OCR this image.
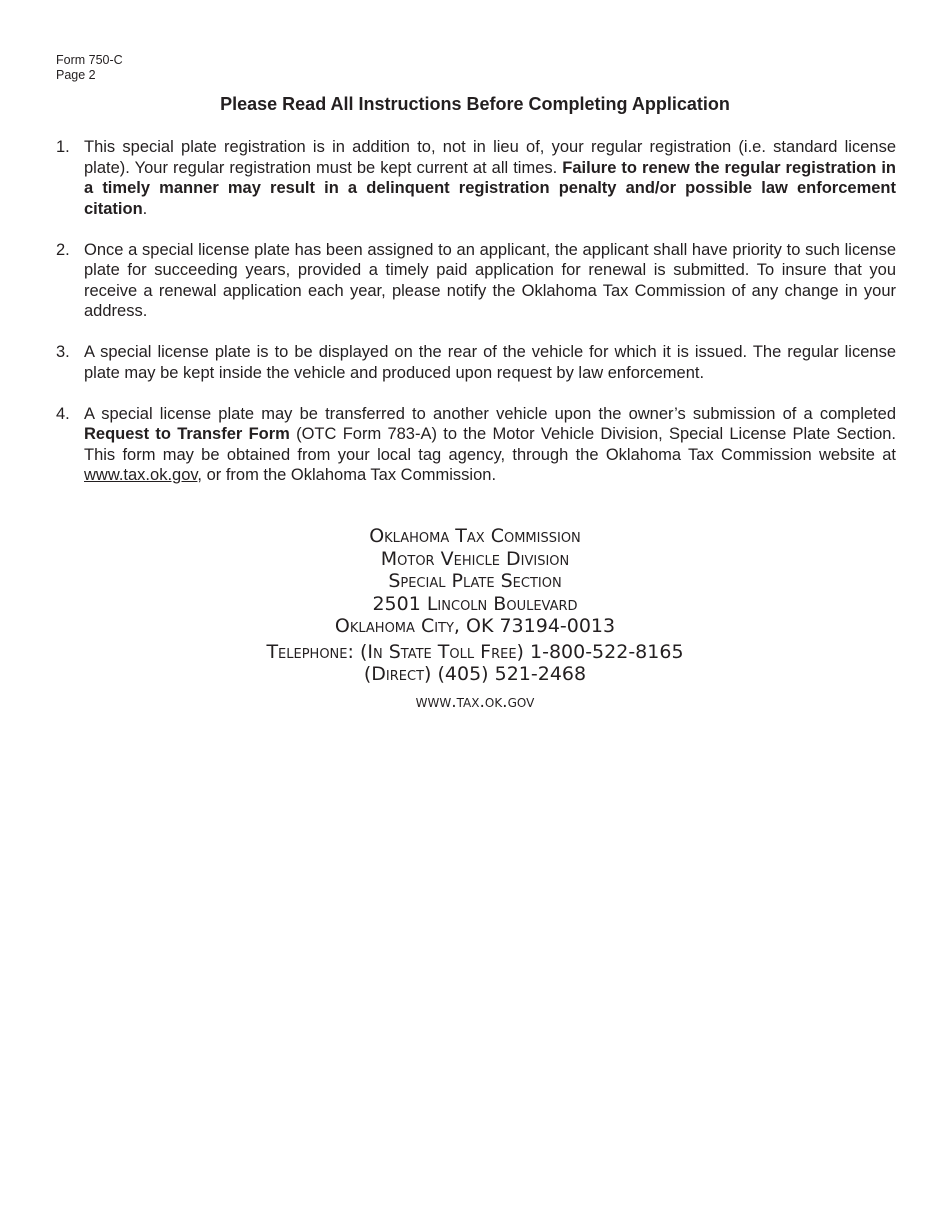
Form 750-C
Page 2
Please Read All Instructions Before Completing Application
1. This special plate registration is in addition to, not in lieu of, your regular registration (i.e. standard license plate). Your regular registration must be kept current at all times. Failure to renew the regular registration in a timely manner may result in a delinquent registration penalty and/or possible law enforcement citation.
2. Once a special license plate has been assigned to an applicant, the applicant shall have priority to such license plate for succeeding years, provided a timely paid application for renewal is submitted. To insure that you receive a renewal application each year, please notify the Oklahoma Tax Commission of any change in your address.
3. A special license plate is to be displayed on the rear of the vehicle for which it is issued. The regular license plate may be kept inside the vehicle and produced upon request by law enforcement.
4. A special license plate may be transferred to another vehicle upon the owner’s submission of a completed Request to Transfer Form (OTC Form 783-A) to the Motor Vehicle Division, Special License Plate Section. This form may be obtained from your local tag agency, through the Oklahoma Tax Commission website at www.tax.ok.gov, or from the Oklahoma Tax Commission.
Oklahoma Tax Commission
Motor Vehicle Division
Special Plate Section
2501 Lincoln Boulevard
Oklahoma City, OK 73194-0013
Telephone: (In State Toll Free) 1-800-522-8165
(Direct) (405) 521-2468
www.tax.ok.gov
